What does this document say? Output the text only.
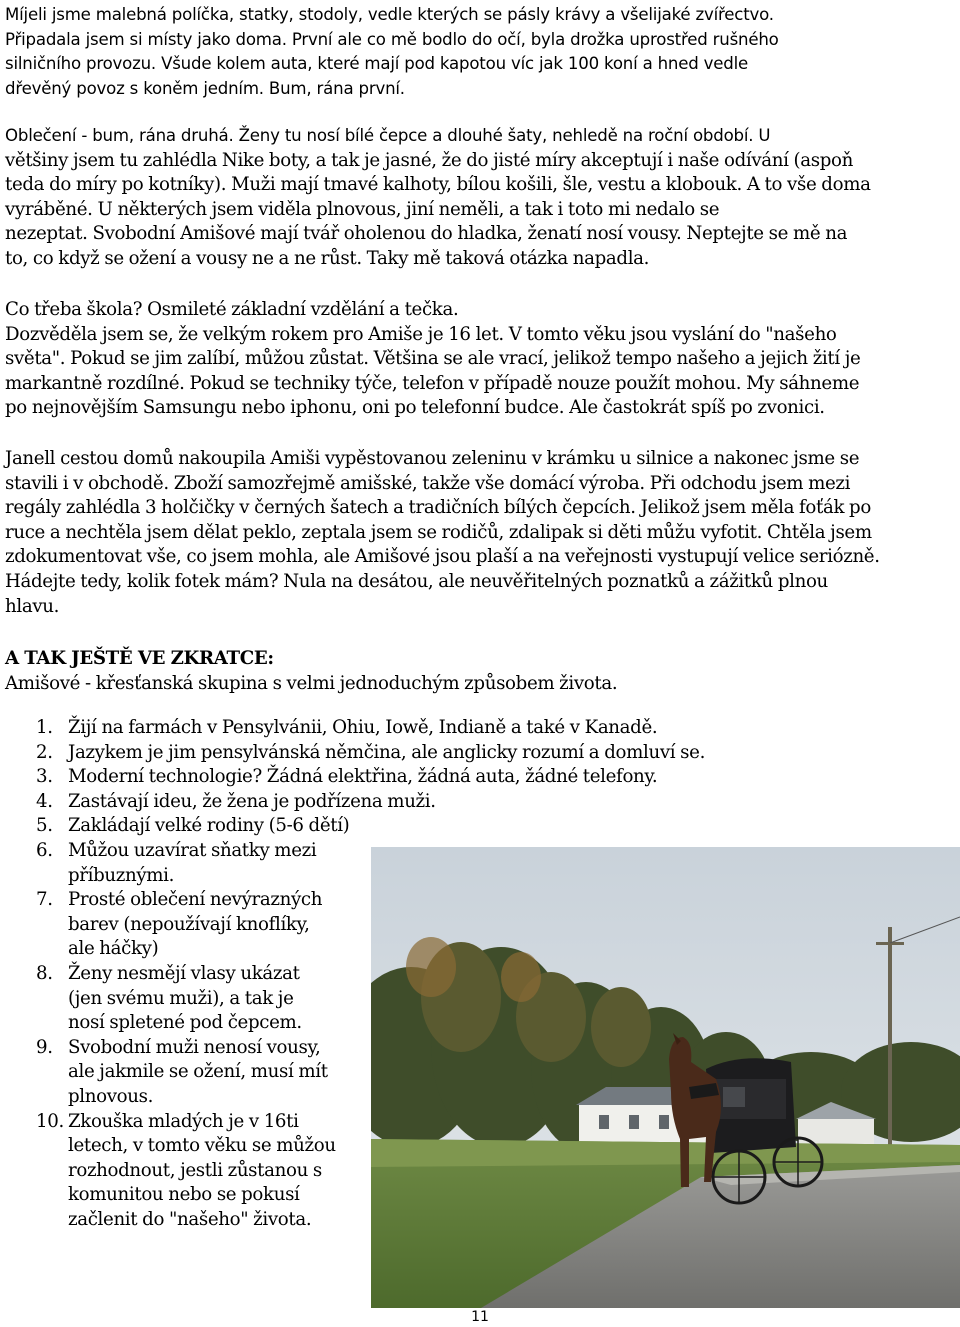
Míjeli jsme malebná políčka, statky, stodoly, vedle kterých se pásly krávy a všelijaké zvířectvo.
Připadala jsem si místy jako doma. První ale co mě bodlo do očí, byla drožka uprostřed rušného
silničního provozu. Všude kolem auta, které mají pod kapotou víc jak 100 koní a hned vedle
dřevěný povoz s koněm jedním. Bum, rána první.
Oblečení - bum, rána druhá. Ženy tu nosí bílé čepce a dlouhé šaty, nehledě na roční období. U
většiny jsem tu zahlédla Nike boty, a tak je jasné, že do jisté míry akceptují i naše odívání (aspoň
teda do míry po kotníky). Muži mají tmavé kalhoty, bílou košili, šle, vestu a klobouk. A to vše doma
vyráběné. U některých jsem viděla plnovous, jiní neměli, a tak i toto mi nedalo se
nezeptat. Svobodní Amišové mají tvář oholenou do hladka, ženatí nosí vousy. Neptejte se mě na
to, co když se ožení a vousy ne a ne růst. Taky mě taková otázka napadla.
Co třeba škola? Osmileté základní vzdělání a tečka.
Dozvěděla jsem se, že velkým rokem pro Amiše je 16 let. V tomto věku jsou vyslání do "našeho
světa". Pokud se jim zalíbí, můžou zůstat. Většina se ale vrací, jelikož tempo našeho a jejich žití je
markantně rozdílné. Pokud se techniky týče, telefon v případě nouze použít mohou. My sáhneme
po nejnovějším Samsungu nebo iphonu, oni po telefonní budce. Ale častokrát spíš po zvonici.
Janell cestou domů nakoupila Amiši vypěstovanou zeleninu v krámku u silnice a nakonec jsme se
stavili i v obchodě. Zboží samozřejmě amišské, takže vše domácí výroba. Při odchodu jsem mezi
regály zahlédla 3 holčičky v černých šatech a tradičních bílých čepcích. Jelikož jsem měla foťák po
ruce a nechtěla jsem dělat peklo, zeptala jsem se rodičů, zdalipak si děti můžu vyfotit. Chtěla jsem
zdokumentovat vše, co jsem mohla, ale Amišové jsou plaší a na veřejnosti vystupují velice seriózně.
Hádejte tedy, kolik fotek mám? Nula na desátou, ale neuvěřitelných poznatků a zážitků plnou
hlavu.
A TAK JEŠTĚ VE ZKRATCE:
Amišové - křesťanská skupina s velmi jednoduchým způsobem života.
1. Žijí na farmách v Pensylvánii, Ohiu, Iowě, Indianě a také v Kanadě.
2. Jazykem je jim pensylvánská němčina, ale anglicky rozumí a domluví se.
3. Moderní technologie? Žádná elektřina, žádná auta, žádné telefony.
4. Zastávají ideu, že žena je podřízena muži.
5. Zakládají velké rodiny (5-6 dětí)
6. Můžou uzavírat sňatky mezi
příbuznými.
7. Prosté oblečení nevýrazných
barev (nepoužívají knoflíky,
ale háčky)
8. Ženy nesmějí vlasy ukázat
(jen svému muži), a tak je
nosí spletené pod čepcem.
9. Svobodní muži nenosí vousy,
ale jakmile se ožení, musí mít
plnovous.
10. Zkouška mladých je v 16ti
letech, v tomto věku se můžou
rozhodnout, jestli zůstanou s
komunitou nebo se pokusí
začlenit do "našeho" života.
11
